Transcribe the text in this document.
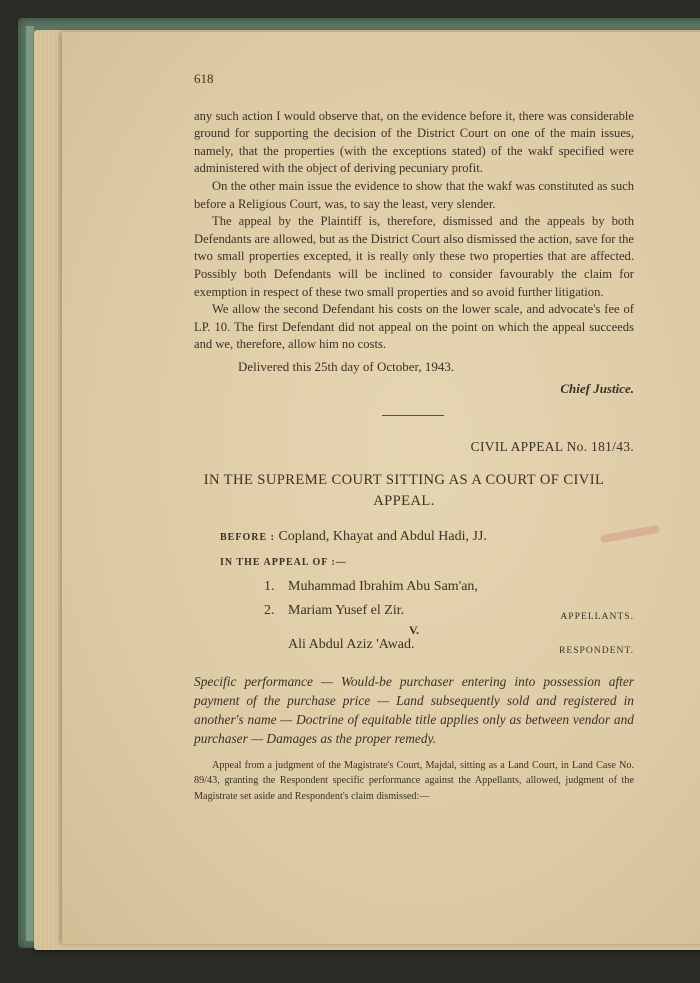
618

any such action I would observe that, on the evidence before it, there was considerable ground for supporting the decision of the District Court on one of the main issues, namely, that the properties (with the exceptions stated) of the wakf specified were administered with the object of deriving pecuniary profit.

On the other main issue the evidence to show that the wakf was constituted as such before a Religious Court, was, to say the least, very slender.

The appeal by the Plaintiff is, therefore, dismissed and the appeals by both Defendants are allowed, but as the District Court also dismissed the action, save for the two small properties excepted, it is really only these two properties that are affected. Possibly both Defendants will be inclined to consider favourably the claim for exemption in respect of these two small properties and so avoid further litigation.

We allow the second Defendant his costs on the lower scale, and advocate's fee of LP. 10. The first Defendant did not appeal on the point on which the appeal succeeds and we, therefore, allow him no costs.

Delivered this 25th day of October, 1943.
Chief Justice.
CIVIL APPEAL No. 181/43.
IN THE SUPREME COURT SITTING AS A COURT OF CIVIL APPEAL.
BEFORE : Copland, Khayat and Abdul Hadi, JJ.
IN THE APPEAL OF :—
1. Muhammad Ibrahim Abu Sam'an,
2. Mariam Yusef el Zir.	APPELLANTS.
V.
Ali Abdul Aziz 'Awad.	RESPONDENT.
Specific performance — Would-be purchaser entering into possession after payment of the purchase price — Land subsequently sold and registered in another's name — Doctrine of equitable title applies only as between vendor and purchaser — Damages as the proper remedy.
Appeal from a judgment of the Magistrate's Court, Majdal, sitting as a Land Court, in Land Case No. 89/43, granting the Respondent specific performance against the Appellants, allowed, judgment of the Magistrate set aside and Respondent's claim dismissed:—
